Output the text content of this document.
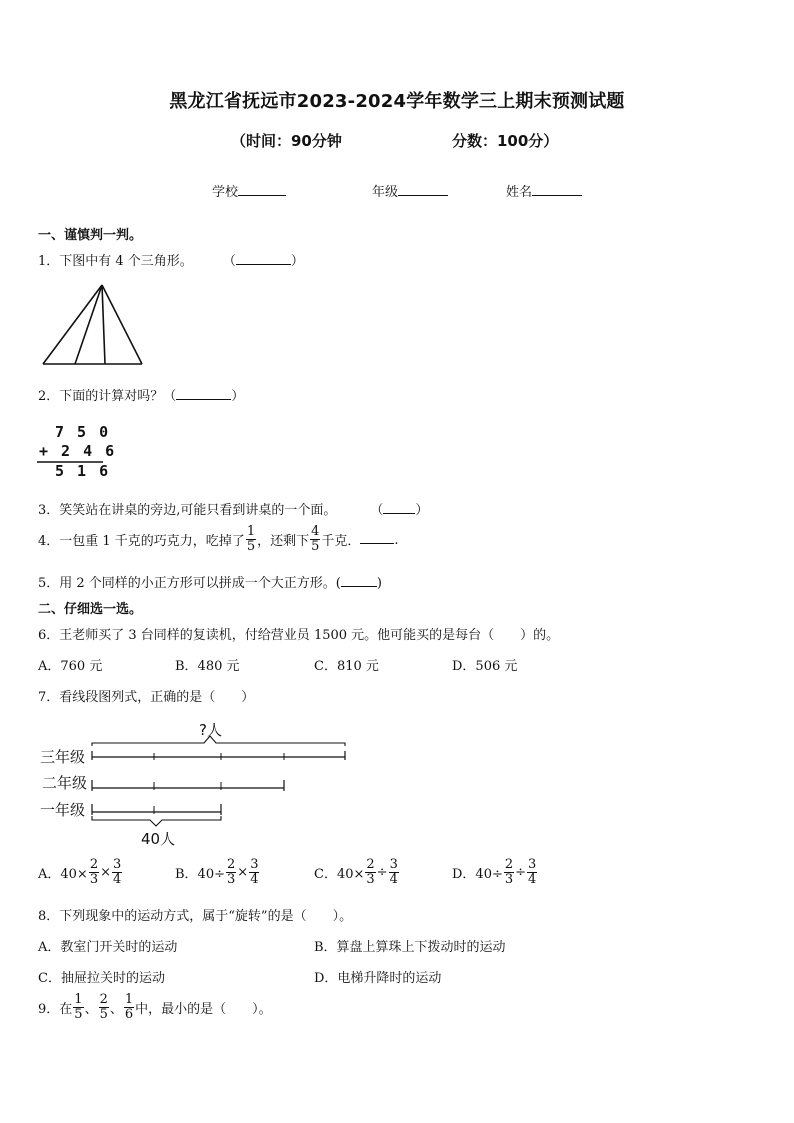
黑龙江省抚远市2023-2024学年数学三上期末预测试题
（时间：90分钟	分数：100分）
学校	年级	姓名
一、谨慎判一判。
1．下图中有 4 个三角形。 （	）
2．下面的计算对吗？（	）
7 5 0
+ 2 4 6
5 1 6
3．笑笑站在讲桌的旁边,可能只看到讲桌的一个面。	（ ）
4．一包重 1 千克的巧克力，吃掉了 $\frac{1}{5}$ ，还剩下 $\frac{4}{5}$ 千克．	.
5．用 2 个同样的小正方形可以拼成一个大正方形。(	)
二、仔细选一选。
6．王老师买了 3 台同样的复读机，付给营业员 1500 元。他可能买的是每台（　　）的。
A．760 元	B．480 元	C．810 元	D．506 元
7．看线段图列式，正确的是（　　）
?人
三年级
二年级
一年级
40人
A．$40\times \frac{2}{3} \times \frac{3}{4}$	B．$40\div \frac{2}{3} \times \frac{3}{4}$	C．$40\times \frac{2}{3} \div \frac{3}{4}$	D．$40\div \frac{2}{3} \div \frac{3}{4}$
8．下列现象中的运动方式，属于“旋转”的是（　　）。
A．教室门开关时的运动	B．算盘上算珠上下拨动时的运动
C．抽屉拉关时的运动	D．电梯升降时的运动
9．在 $\frac{1}{5}$ 、 $\frac{2}{5}$ 、 $\frac{1}{6}$ 中，最小的是（　　）。
